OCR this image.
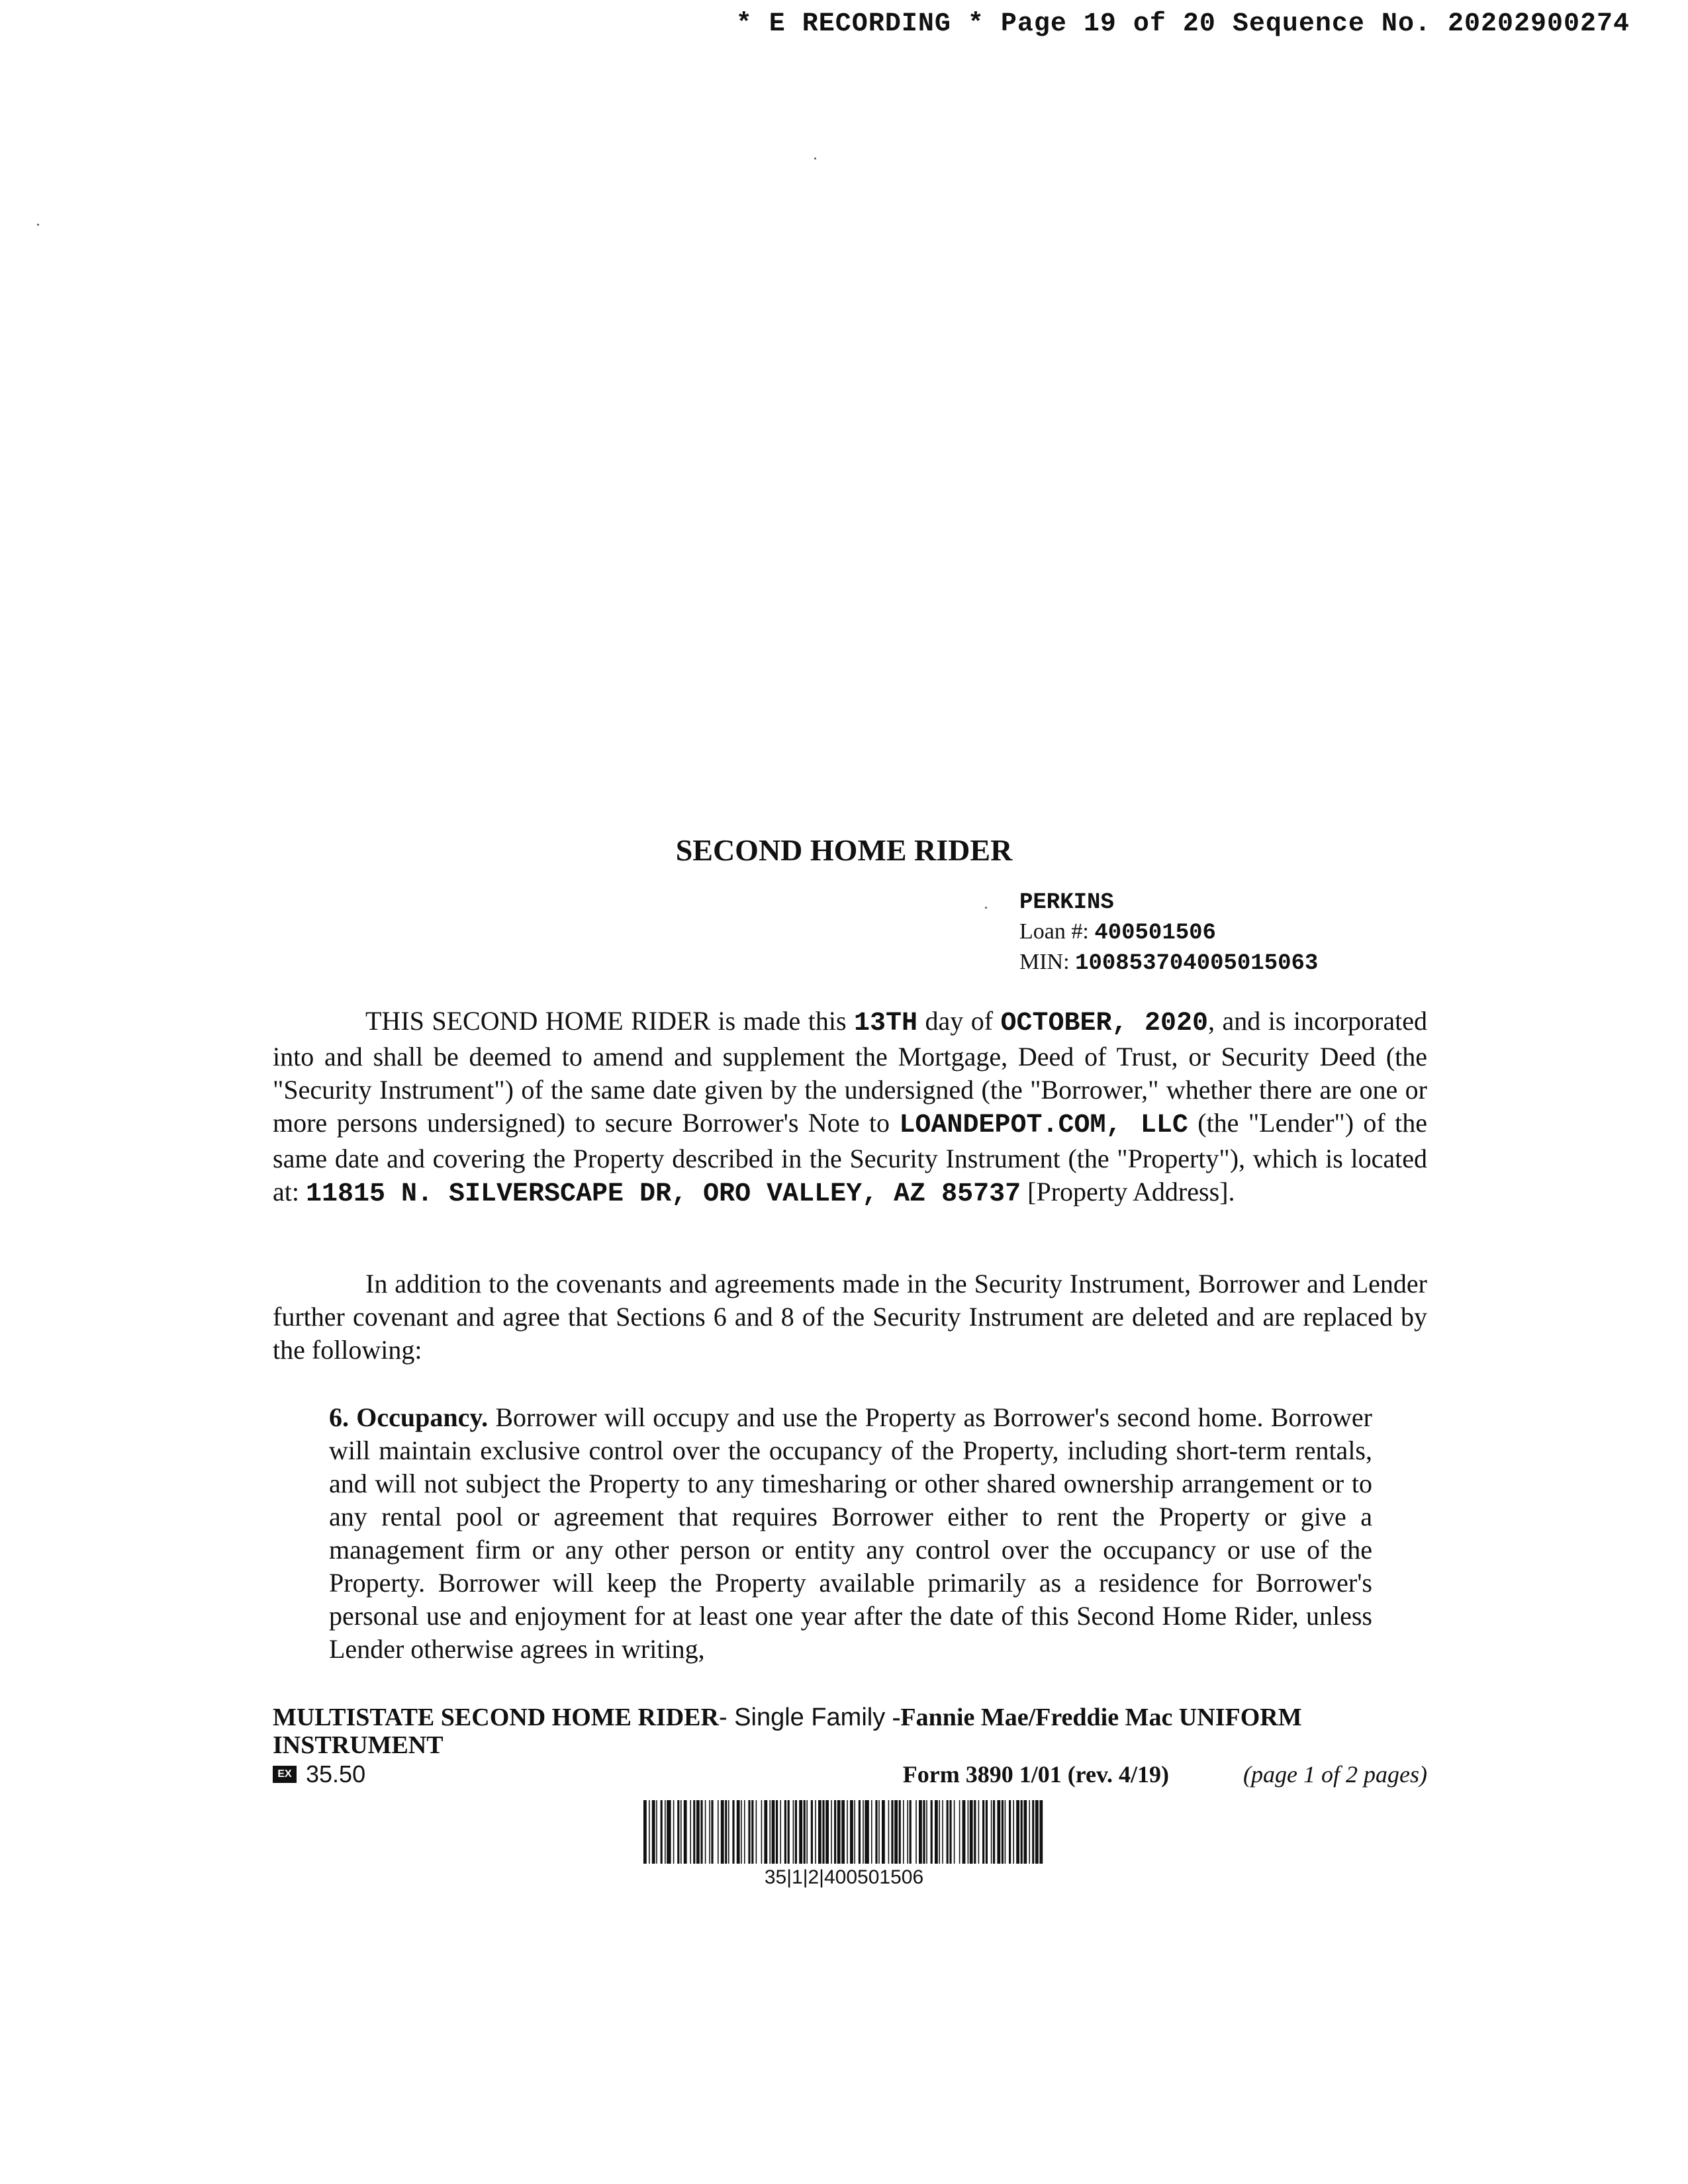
* E RECORDING * Page 19 of 20 Sequence No. 20202900274
SECOND HOME RIDER
PERKINS
Loan #: 400501506
MIN: 100853704005015063
THIS SECOND HOME RIDER is made this 13TH day of OCTOBER, 2020, and is incorporated into and shall be deemed to amend and supplement the Mortgage, Deed of Trust, or Security Deed (the "Security Instrument") of the same date given by the undersigned (the "Borrower," whether there are one or more persons undersigned) to secure Borrower's Note to LOANDEPOT.COM, LLC (the "Lender") of the same date and covering the Property described in the Security Instrument (the "Property"), which is located at: 11815 N. SILVERSCAPE DR, ORO VALLEY, AZ 85737 [Property Address].
In addition to the covenants and agreements made in the Security Instrument, Borrower and Lender further covenant and agree that Sections 6 and 8 of the Security Instrument are deleted and are replaced by the following:
6. Occupancy. Borrower will occupy and use the Property as Borrower's second home. Borrower will maintain exclusive control over the occupancy of the Property, including short-term rentals, and will not subject the Property to any timesharing or other shared ownership arrangement or to any rental pool or agreement that requires Borrower either to rent the Property or give a management firm or any other person or entity any control over the occupancy or use of the Property. Borrower will keep the Property available primarily as a residence for Borrower's personal use and enjoyment for at least one year after the date of this Second Home Rider, unless Lender otherwise agrees in writing,
MULTISTATE SECOND HOME RIDER- Single Family -Fannie Mae/Freddie Mac UNIFORM INSTRUMENT
EX 35.50	Form 3890 1/01 (rev. 4/19)	(page 1 of 2 pages)
35|1|2|400501506
